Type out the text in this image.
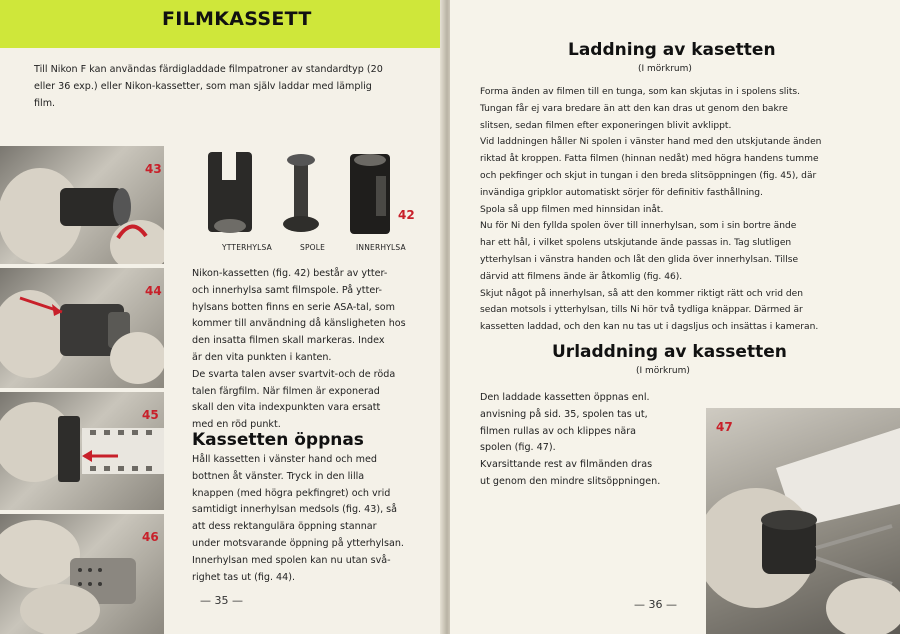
FILMKASSETT

Till Nikon F kan användas färdigladdade filmpatroner av standardtyp (20

eller 36 exp.) eller Nikon-kassetter, som man själv laddar med lämplig

film.

43
44
45
46
42
YTTERHYLSA	SPOLE	INNERHYLSA

Nikon-kassetten (fig. 42) består av ytter-

och innerhylsa samt filmspole. På ytter-

hylsans botten finns en serie ASA-tal, som

kommer till användning då känsligheten hos

den insatta filmen skall markeras. Index

är den vita punkten i kanten.

De svarta talen avser svartvit-och de röda

talen färgfilm. När filmen är exponerad

skall den vita indexpunkten vara ersatt

med en röd punkt.

Kassetten öppnas

Håll kassetten i vänster hand och med

bottnen åt vänster. Tryck in den lilla

knappen (med högra pekfingret) och vrid

samtidigt innerhylsan medsols (fig. 43), så

att dess rektangulära öppning stannar

under motsvarande öppning på ytterhylsan.

Innerhylsan med spolen kan nu utan svå-

righet tas ut (fig. 44).

— 35 —
Laddning av kasetten
(I mörkrum)

Forma änden av filmen till en tunga, som kan skjutas in i spolens slits.

Tungan får ej vara bredare än att den kan dras ut genom den bakre

slitsen, sedan filmen efter exponeringen blivit avklippt.

Vid laddningen håller Ni spolen i vänster hand med den utskjutande änden

riktad åt kroppen. Fatta filmen (hinnan nedåt) med högra handens tumme

och pekfinger och skjut in tungan i den breda slitsöppningen (fig. 45), där

invändiga gripklor automatiskt sörjer för definitiv fasthållning.

Spola så upp filmen med hinnsidan inåt.

Nu för Ni den fyllda spolen över till innerhylsan, som i sin bortre ände

har ett hål, i vilket spolens utskjutande ände passas in. Tag slutligen

ytterhylsan i vänstra handen och låt den glida över innerhylsan. Tillse

därvid att filmens ände är åtkomlig (fig. 46).

Skjut något på innerhylsan, så att den kommer riktigt rätt och vrid den

sedan motsols i ytterhylsan, tills Ni hör två tydliga knäppar. Därmed är

kassetten laddad, och den kan nu tas ut i dagsljus och insättas i kameran.

Urladdning av kassetten
(I mörkrum)

Den laddade kassetten öppnas enl.

anvisning på sid. 35, spolen tas ut,

filmen rullas av och klippes nära

spolen (fig. 47).

Kvarsittande rest av filmänden dras

ut genom den mindre slitsöppningen.

47
— 36 —
